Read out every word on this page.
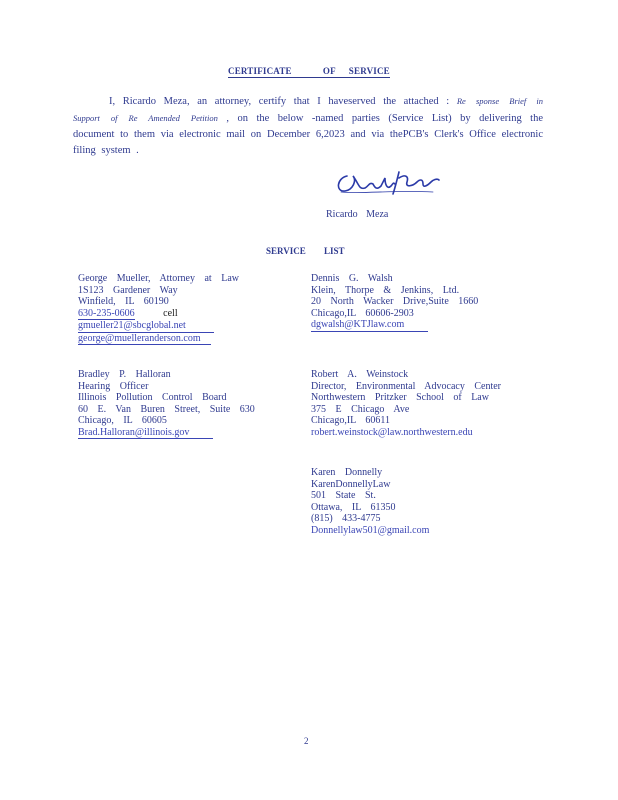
CERTIFICATE       OF   SERVICE
I, Ricardo Meza, an attorney, certify that I haveserved the attached : Re sponse Brief in Support of Re Amended Petition , on the below -named parties (Service List) by delivering the document to them via electronic mail on December 6,2023 and via thePCB's Clerk's Office electronic filing system .
Ricardo Meza
SERVICE LIST
George Mueller, Attorney at Law
1S123 Gardener Way
Winfield, IL 60190
630-235-0606	cell
gmueller21@sbcglobal.net
george@muelleranderson.com
Bradley P. Halloran
Hearing Officer
Illinois Pollution Control Board
60 E. Van Buren Street, Suite 630
Chicago, IL 60605
Brad.Halloran@illinois.gov
Dennis G. Walsh
Klein, Thorpe & Jenkins, Ltd.
20 North Wacker Drive,Suite 1660
Chicago,IL 60606-2903
dgwalsh@KTJlaw.com
Robert A. Weinstock
Director, Environmental Advocacy Center
Northwestern Pritzker School of Law
375 E Chicago Ave
Chicago,IL 60611
robert.weinstock@law.northwestern.edu
Karen Donnelly
KarenDonnellyLaw
501 State St.
Ottawa, IL 61350
(815) 433-4775
Donnellylaw501@gmail.com
2
